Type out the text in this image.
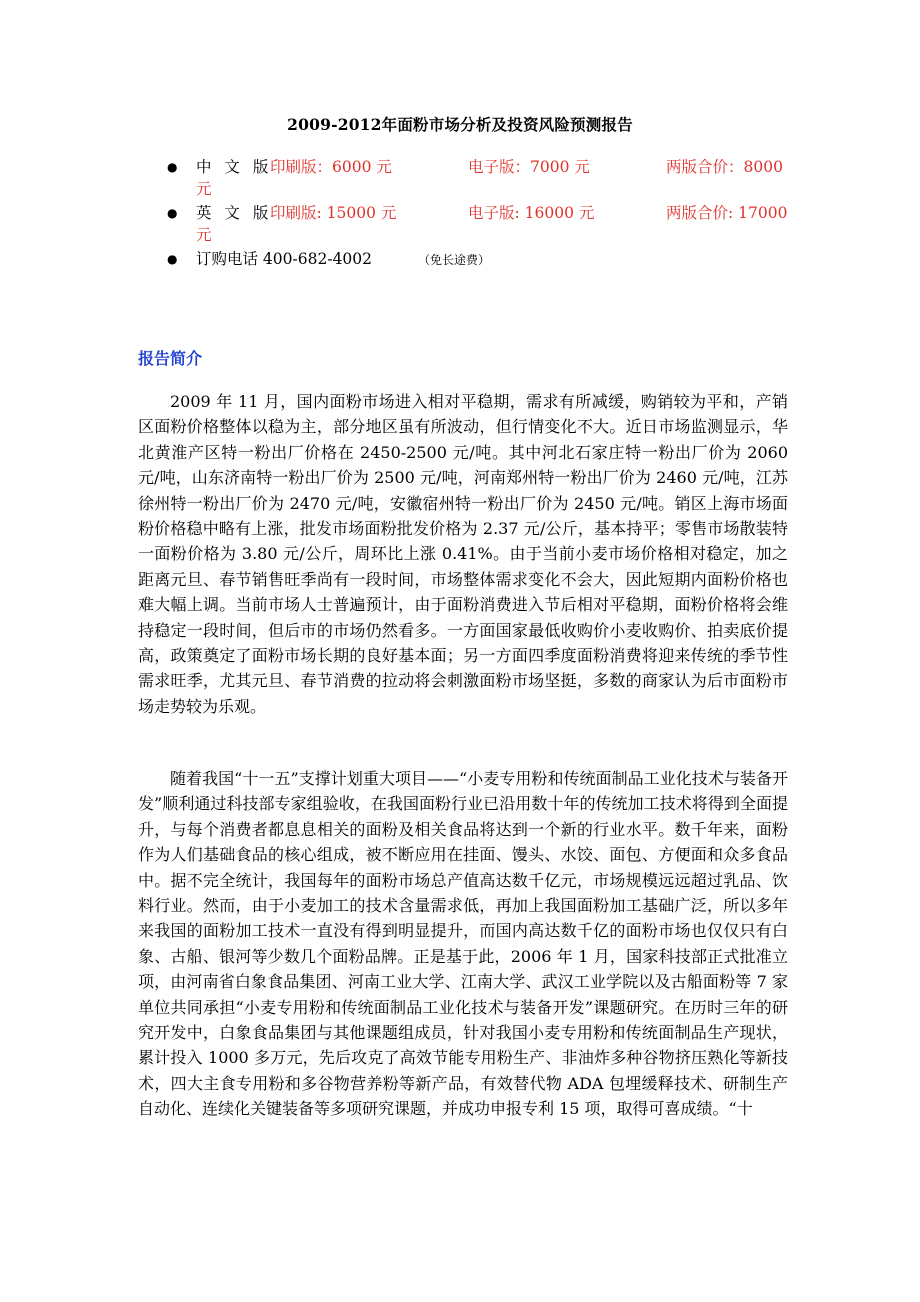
2009-2012年面粉市场分析及投资风险预测报告
● 中 文 版印刷版：6000 元	电子版：7000 元	两版合价：8000
元
● 英 文 版印刷版: 15000 元	电子版: 16000 元	两版合价: 17000
元
● 订购电话 400-682-4002	（免长途费）
报告简介

2009 年 11 月，国内面粉市场进入相对平稳期，需求有所减缓，购销较为平和，产销区面粉价格整体以稳为主，部分地区虽有所波动，但行情变化不大。近日市场监测显示，华北黄淮产区特一粉出厂价格在 2450-2500 元/吨。其中河北石家庄特一粉出厂价为 2060 元/吨，山东济南特一粉出厂价为 2500 元/吨，河南郑州特一粉出厂价为 2460 元/吨，江苏徐州特一粉出厂价为 2470 元/吨，安徽宿州特一粉出厂价为 2450 元/吨。销区上海市场面粉价格稳中略有上涨，批发市场面粉批发价格为 2.37 元/公斤，基本持平；零售市场散装特一面粉价格为 3.80 元/公斤，周环比上涨 0.41%。由于当前小麦市场价格相对稳定，加之距离元旦、春节销售旺季尚有一段时间，市场整体需求变化不会大，因此短期内面粉价格也难大幅上调。当前市场人士普遍预计，由于面粉消费进入节后相对平稳期，面粉价格将会维持稳定一段时间，但后市的市场仍然看多。一方面国家最低收购价小麦收购价、拍卖底价提高，政策奠定了面粉市场长期的良好基本面；另一方面四季度面粉消费将迎来传统的季节性需求旺季，尤其元旦、春节消费的拉动将会刺激面粉市场坚挺，多数的商家认为后市面粉市场走势较为乐观。

随着我国“十一五”支撑计划重大项目——“小麦专用粉和传统面制品工业化技术与装备开发”顺利通过科技部专家组验收，在我国面粉行业已沿用数十年的传统加工技术将得到全面提升，与每个消费者都息息相关的面粉及相关食品将达到一个新的行业水平。数千年来，面粉作为人们基础食品的核心组成，被不断应用在挂面、馒头、水饺、面包、方便面和众多食品中。据不完全统计，我国每年的面粉市场总产值高达数千亿元，市场规模远远超过乳品、饮料行业。然而，由于小麦加工的技术含量需求低，再加上我国面粉加工基础广泛，所以多年来我国的面粉加工技术一直没有得到明显提升，而国内高达数千亿的面粉市场也仅仅只有白象、古船、银河等少数几个面粉品牌。正是基于此，2006 年 1 月，国家科技部正式批准立项，由河南省白象食品集团、河南工业大学、江南大学、武汉工业学院以及古船面粉等 7 家单位共同承担“小麦专用粉和传统面制品工业化技术与装备开发”课题研究。在历时三年的研究开发中，白象食品集团与其他课题组成员，针对我国小麦专用粉和传统面制品生产现状，累计投入 1000 多万元，先后攻克了高效节能专用粉生产、非油炸多种谷物挤压熟化等新技术，四大主食专用粉和多谷物营养粉等新产品，有效替代物 ADA 包埋缓释技术、研制生产自动化、连续化关键装备等多项研究课题，并成功申报专利 15 项，取得可喜成绩。“十
